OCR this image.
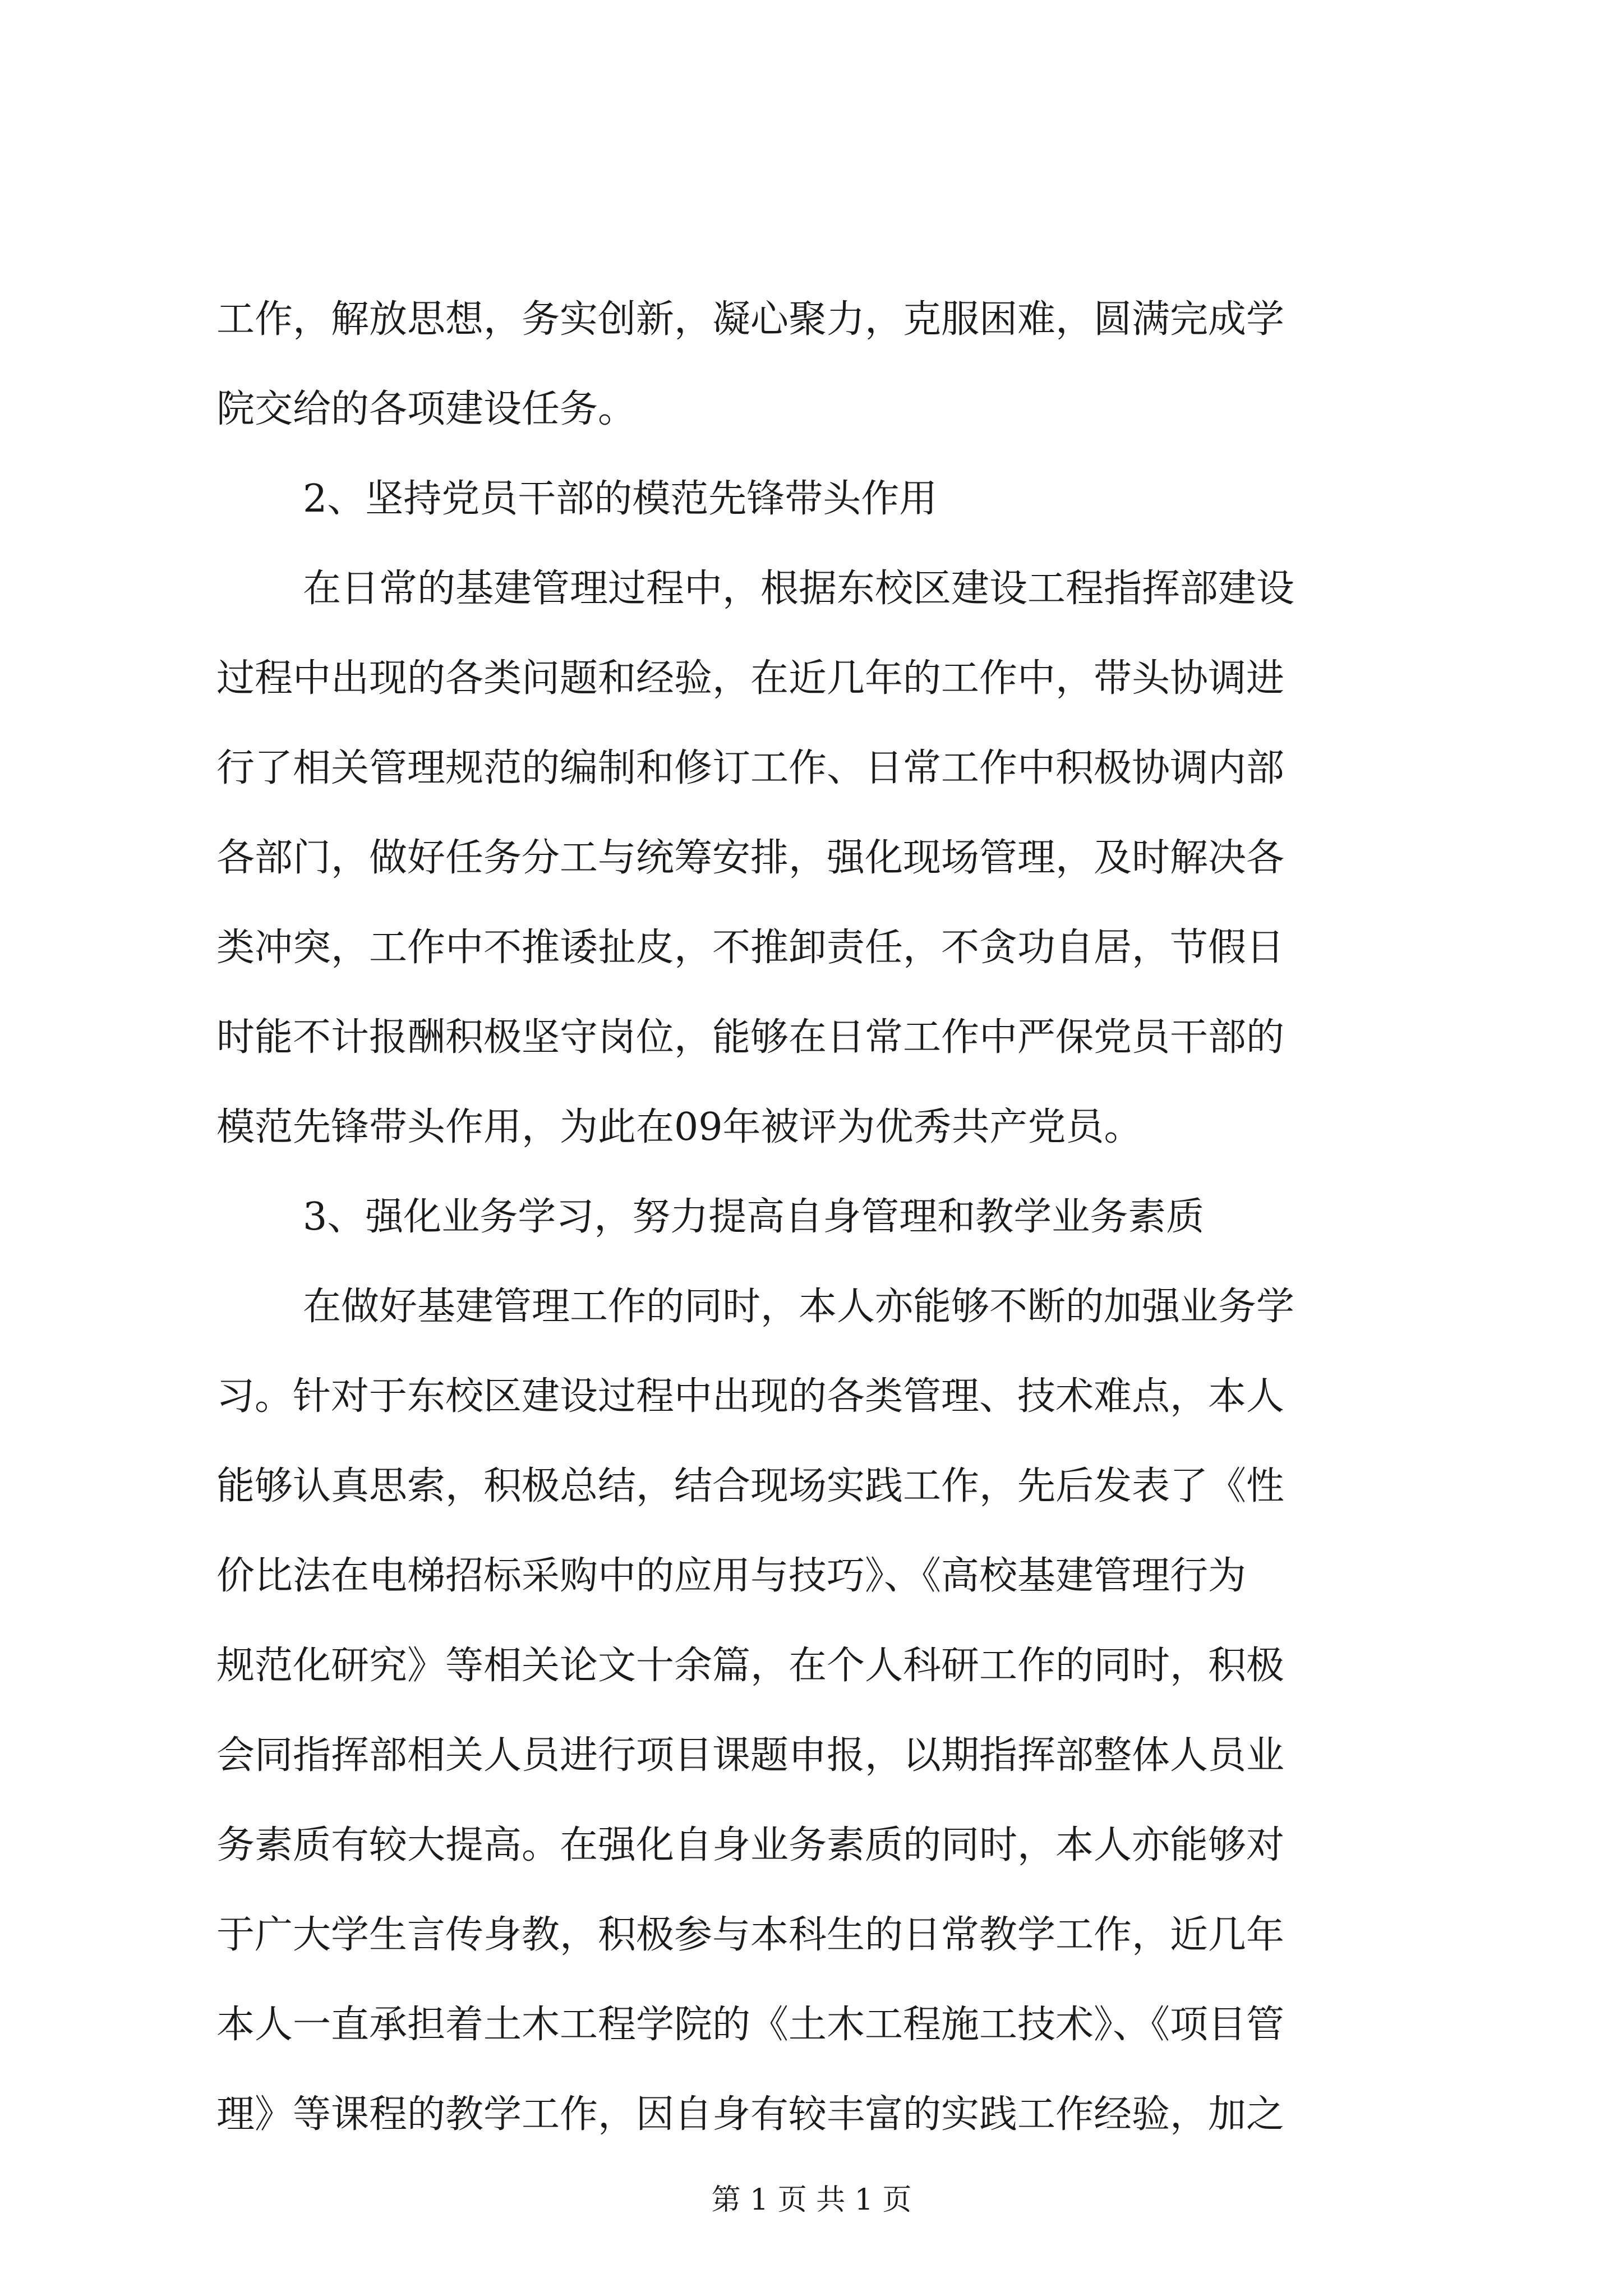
工作，解放思想，务实创新，凝心聚力，克服困难，圆满完成学
院交给的各项建设任务。
2、坚持党员干部的模范先锋带头作用
在日常的基建管理过程中，根据东校区建设工程指挥部建设
过程中出现的各类问题和经验，在近几年的工作中，带头协调进
行了相关管理规范的编制和修订工作、日常工作中积极协调内部
各部门，做好任务分工与统筹安排，强化现场管理，及时解决各
类冲突，工作中不推诿扯皮，不推卸责任，不贪功自居，节假日
时能不计报酬积极坚守岗位，能够在日常工作中严保党员干部的
模范先锋带头作用，为此在09年被评为优秀共产党员。
3、强化业务学习，努力提高自身管理和教学业务素质
在做好基建管理工作的同时，本人亦能够不断的加强业务学
习。针对于东校区建设过程中出现的各类管理、技术难点，本人
能够认真思索，积极总结，结合现场实践工作，先后发表了《性
价比法在电梯招标采购中的应用与技巧》、《高校基建管理行为
规范化研究》等相关论文十余篇，在个人科研工作的同时，积极
会同指挥部相关人员进行项目课题申报，以期指挥部整体人员业
务素质有较大提高。在强化自身业务素质的同时，本人亦能够对
于广大学生言传身教，积极参与本科生的日常教学工作，近几年
本人一直承担着土木工程学院的《土木工程施工技术》、《项目管
理》等课程的教学工作，因自身有较丰富的实践工作经验，加之
第 1 页 共 1 页
